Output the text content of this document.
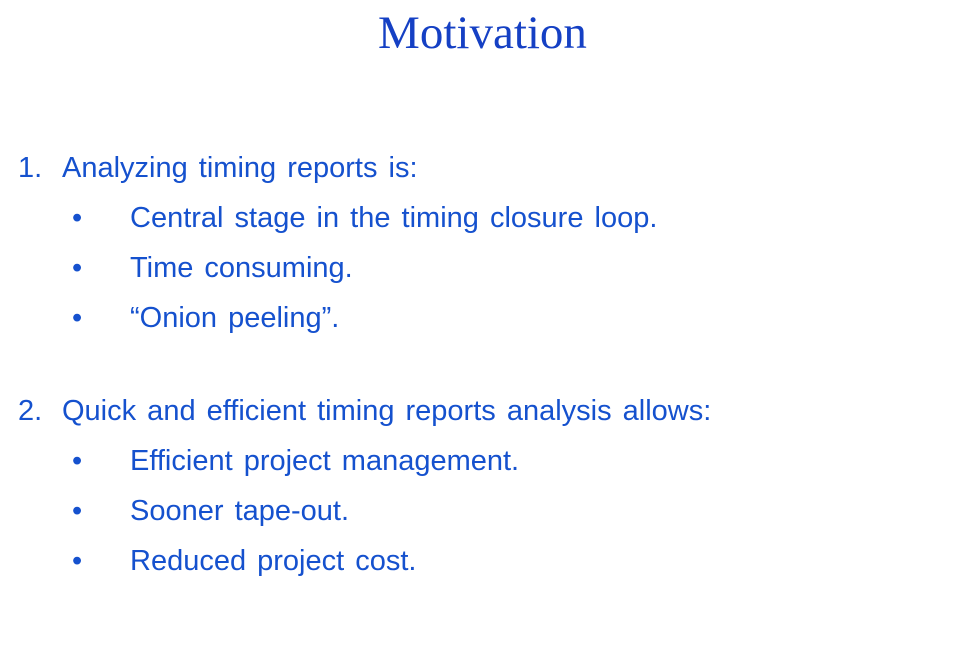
Motivation
1. Analyzing timing reports is:
•	Central stage in the timing closure loop.
•	Time consuming.
•	“Onion peeling”.
2. Quick and efficient timing reports analysis allows:
•	Efficient project management.
•	Sooner tape-out.
•	Reduced project cost.
